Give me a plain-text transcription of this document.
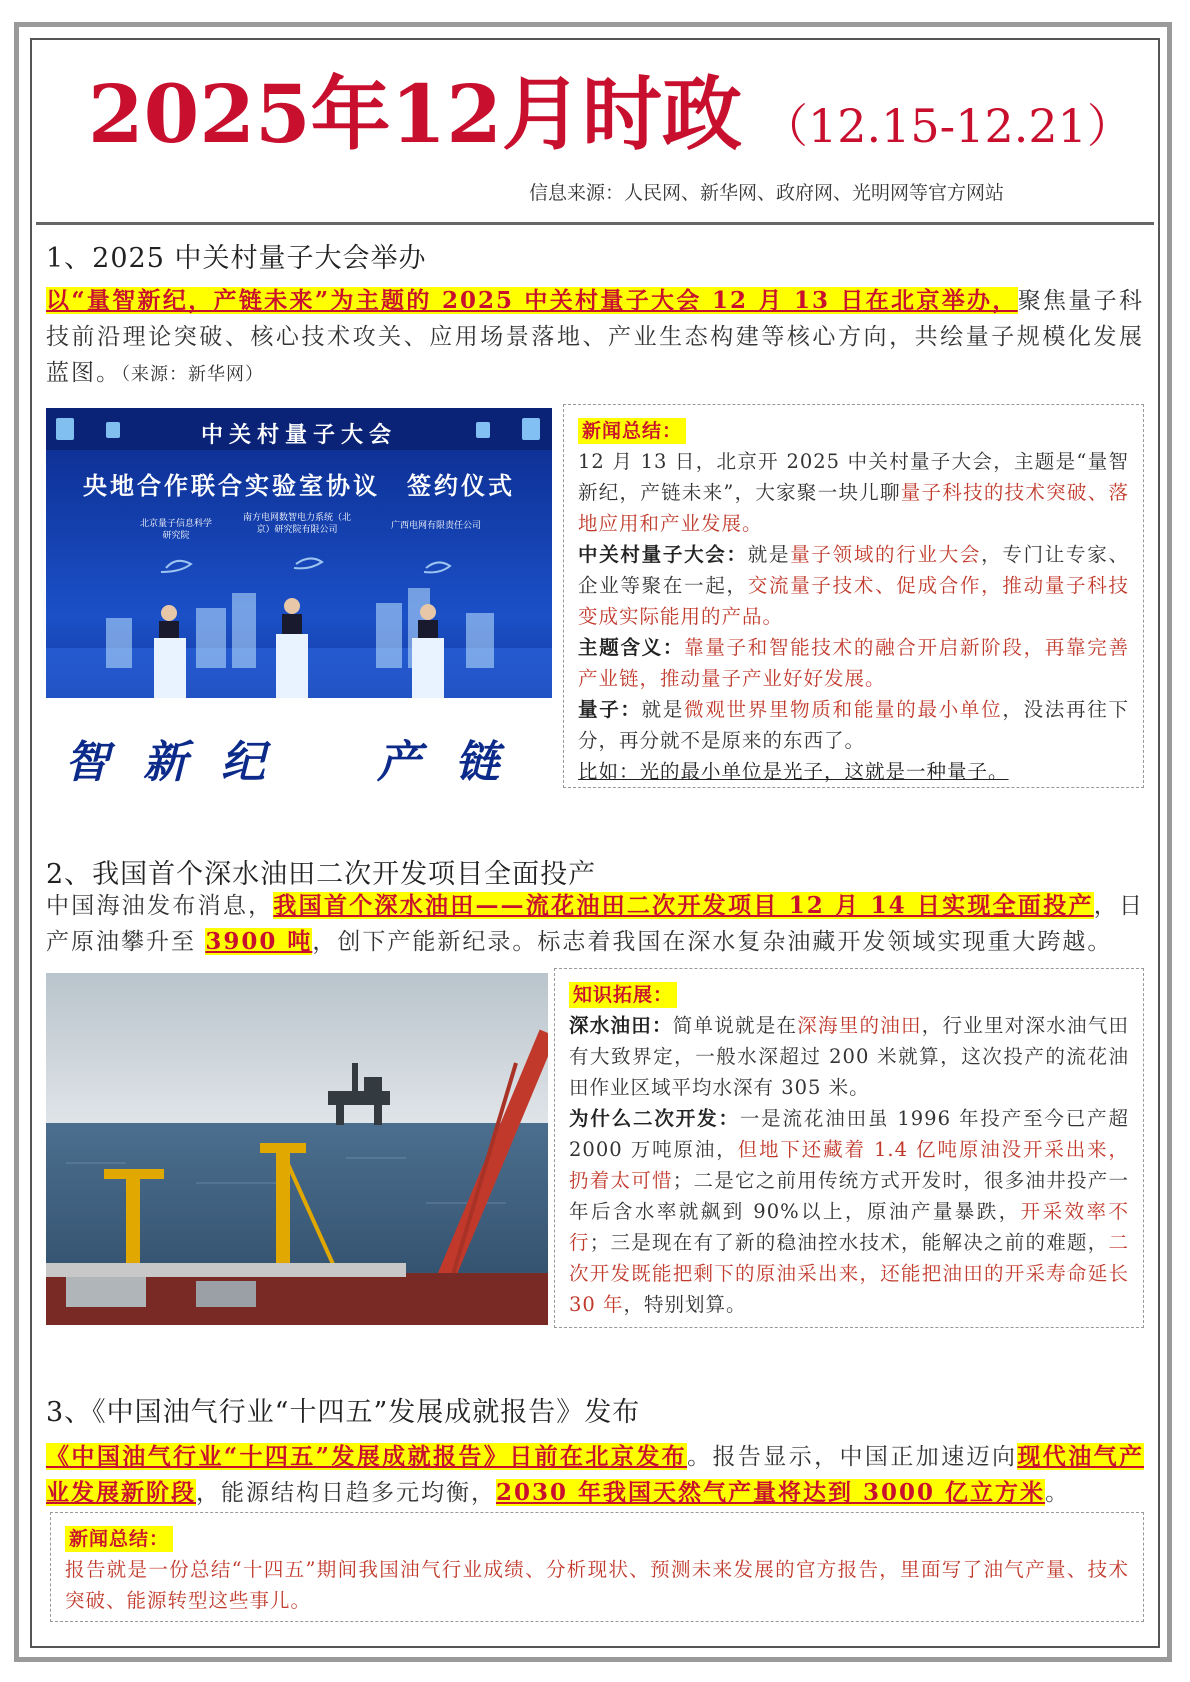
2025年12月时政 （12.15-12.21）
信息来源：人民网、新华网、政府网、光明网等官方网站
1、2025 中关村量子大会举办
以“量智新纪，产链未来”为主题的 2025 中关村量子大会 12 月 13 日在北京举办，聚焦量子科技前沿理论突破、核心技术攻关、应用场景落地、产业生态构建等核心方向，共绘量子规模化发展蓝图。（来源：新华网）
中关村量子大会
央地合作联合实验室协议　签约仪式
北京量子信息科学研究院
南方电网数智电力系统（北京）研究院有限公司	广西电网有限责任公司
智新纪　产链
新闻总结：

12 月 13 日，北京开 2025 中关村量子大会，主题是“量智新纪，产链未来”，大家聚一块儿聊量子科技的技术突破、落地应用和产业发展。

中关村量子大会：就是量子领域的行业大会，专门让专家、企业等聚在一起，交流量子技术、促成合作，推动量子科技变成实际能用的产品。

主题含义：靠量子和智能技术的融合开启新阶段，再靠完善产业链，推动量子产业好好发展。

量子：就是微观世界里物质和能量的最小单位，没法再往下分，再分就不是原来的东西了。

比如：光的最小单位是光子，这就是一种量子。

2、我国首个深水油田二次开发项目全面投产
中国海油发布消息，我国首个深水油田——流花油田二次开发项目 12 月 14 日实现全面投产，日产原油攀升至 3900 吨，创下产能新纪录。标志着我国在深水复杂油藏开发领域实现重大跨越。
知识拓展：

深水油田：简单说就是在深海里的油田，行业里对深水油气田有大致界定，一般水深超过 200 米就算，这次投产的流花油田作业区域平均水深有 305 米。

为什么二次开发：一是流花油田虽 1996 年投产至今已产超 2000 万吨原油，但地下还藏着 1.4 亿吨原油没开采出来，扔着太可惜；二是它之前用传统方式开发时，很多油井投产一年后含水率就飙到 90%以上，原油产量暴跌，开采效率不行；三是现在有了新的稳油控水技术，能解决之前的难题，二次开发既能把剩下的原油采出来，还能把油田的开采寿命延长 30 年，特别划算。

3、《中国油气行业“十四五”发展成就报告》发布
《中国油气行业“十四五”发展成就报告》日前在北京发布。报告显示，中国正加速迈向现代油气产业发展新阶段，能源结构日趋多元均衡，2030 年我国天然气产量将达到 3000 亿立方米。
新闻总结：

报告就是一份总结“十四五”期间我国油气行业成绩、分析现状、预测未来发展的官方报告，里面写了油气产量、技术突破、能源转型这些事儿。
